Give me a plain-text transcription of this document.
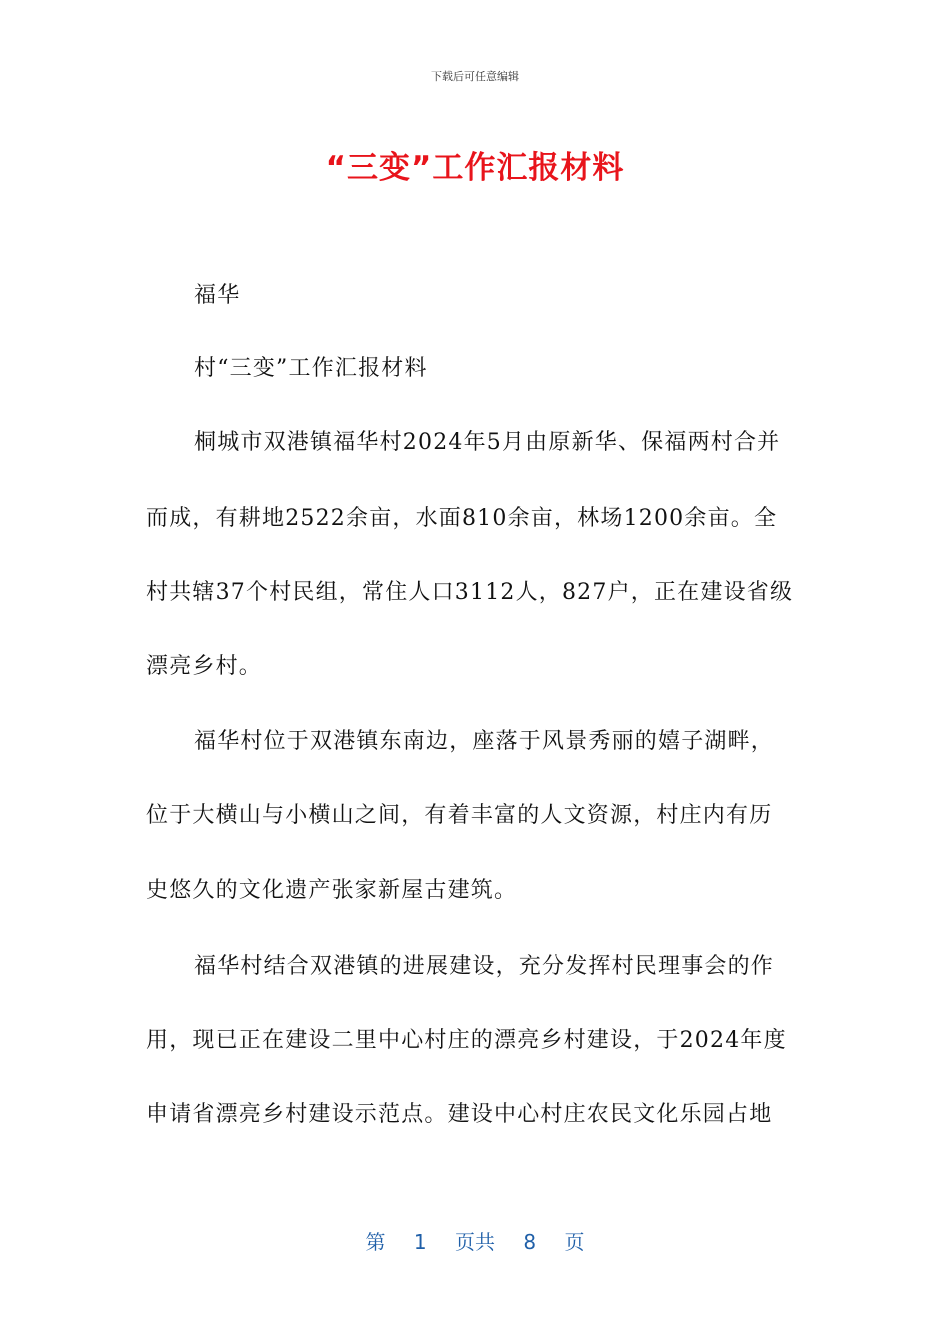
下载后可任意编辑
“三变”工作汇报材料
福华
村“三变”工作汇报材料
桐城市双港镇福华村2024年5月由原新华、保福两村合并
而成，有耕地2522余亩，水面810余亩，林场1200余亩。全
村共辖37个村民组，常住人口3112人，827户，正在建设省级
漂亮乡村。
福华村位于双港镇东南边，座落于风景秀丽的嬉子湖畔，
位于大横山与小横山之间，有着丰富的人文资源，村庄内有历
史悠久的文化遗产张家新屋古建筑。
福华村结合双港镇的进展建设，充分发挥村民理事会的作
用，现已正在建设二里中心村庄的漂亮乡村建设，于2024年度
申请省漂亮乡村建设示范点。建设中心村庄农民文化乐园占地
第 1 页共 8 页
